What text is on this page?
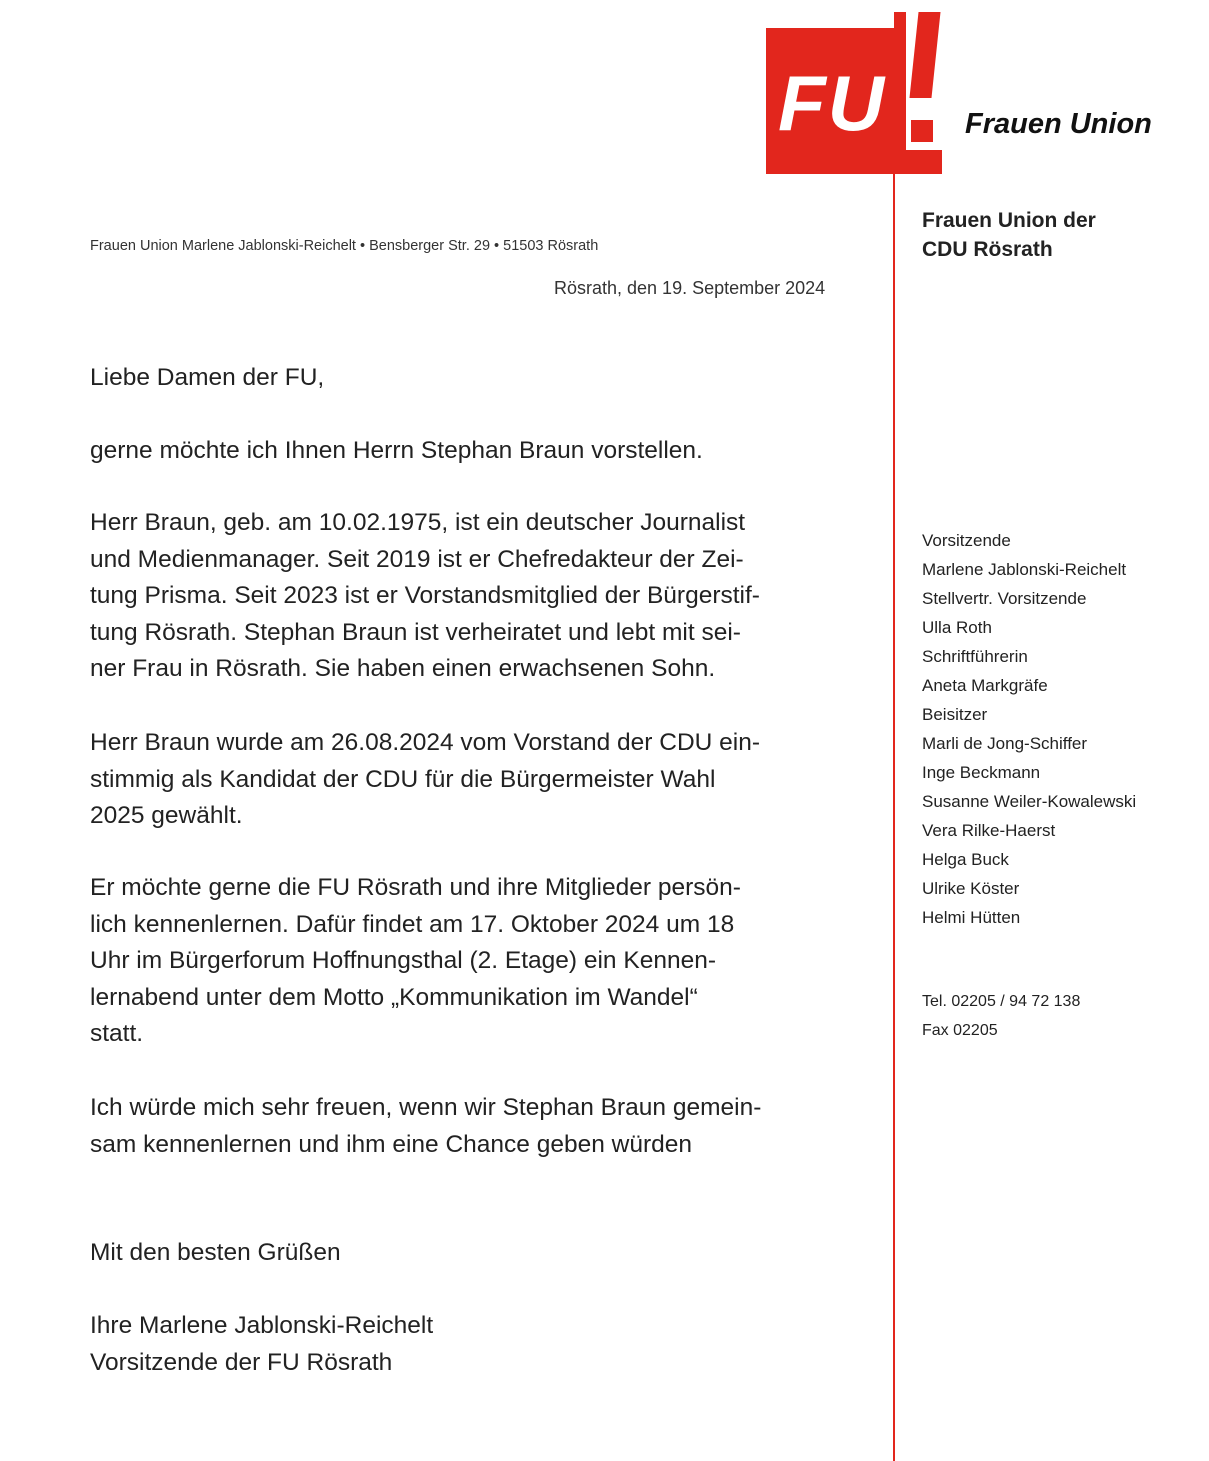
FU	Frauen Union
Frauen Union der
CDU Rösrath
Frauen Union Marlene Jablonski-Reichelt • Bensberger Str. 29 • 51503 Rösrath
Rösrath, den 19. September 2024

Liebe Damen der FU,

gerne möchte ich Ihnen Herrn Stephan Braun vorstellen.

Herr Braun, geb. am 10.02.1975, ist ein deutscher Journalist

und Medienmanager. Seit 2019 ist er Chefredakteur der Zei-

tung Prisma. Seit 2023 ist er Vorstandsmitglied der Bürgerstif-

tung Rösrath. Stephan Braun ist verheiratet und lebt mit sei-

ner Frau in Rösrath. Sie haben einen erwachsenen Sohn.

Herr Braun wurde am 26.08.2024 vom Vorstand der CDU ein-

stimmig als Kandidat der CDU für die Bürgermeister Wahl

2025 gewählt.

Er möchte gerne die FU Rösrath und ihre Mitglieder persön-

lich kennenlernen. Dafür findet am 17. Oktober 2024 um 18

Uhr im Bürgerforum Hoffnungsthal (2. Etage) ein Kennen-

lernabend unter dem Motto „Kommunikation im Wandel“

statt.

Ich würde mich sehr freuen, wenn wir Stephan Braun gemein-

sam kennenlernen und ihm eine Chance geben würden

Mit den besten Grüßen

Ihre Marlene Jablonski-Reichelt

Vorsitzende der FU Rösrath

Vorsitzende
Marlene Jablonski-Reichelt
Stellvertr. Vorsitzende
Ulla Roth
Schriftführerin
Aneta Markgräfe
Beisitzer
Marli de Jong-Schiffer
Inge Beckmann
Susanne Weiler-Kowalewski
Vera Rilke-Haerst
Helga Buck
Ulrike Köster
Helmi Hütten
Tel. 02205 / 94 72 138
Fax 02205
